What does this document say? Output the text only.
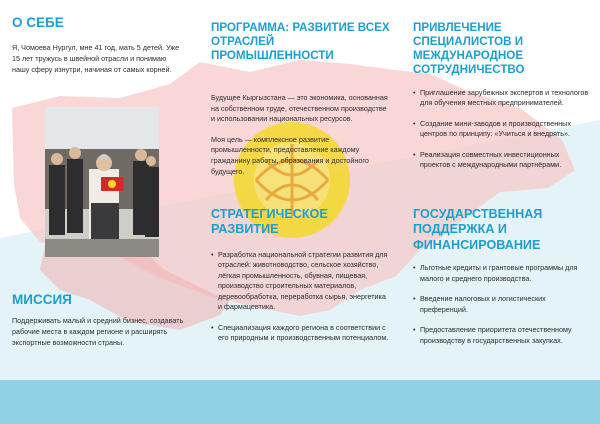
О СЕБЕ

Я, Чомоева Нургул, мне 41 год, мать 5 детей. Уже 15 лет тружусь в швейной отрасли и понимаю нашу сферу изнутри, начиная от самых корней.

МИССИЯ

Поддерживать малый и средний бизнес, создавать рабочие места в каждом регионе и расширять экспортные возможности страны.

ПРОГРАММА: РАЗВИТИЕ ВСЕХ ОТРАСЛЕЙ ПРОМЫШЛЕННОСТИ

Будущее Кыргызстана — это экономика, основанная на собственном труде, отечественном производстве и использовании национальных ресурсов.

Моя цель — комплексное развитие промышленности, предоставление каждому гражданину работы, образования и достойного будущего.

СТРАТЕГИЧЕСКОЕ РАЗВИТИЕ
• Разработка национальной стратегии развития для отраслей: животноводство, сельское хозяйство, лёгкая промышленность, обувная, пищевая, производство строительных материалов, деревообработка, переработка сырья, энергетика и фармацевтика.
• Специализация каждого региона в соответствии с его природным и производственным потенциалом.
ПРИВЛЕЧЕНИЕ СПЕЦИАЛИСТОВ И МЕЖДУНАРОДНОЕ СОТРУДНИЧЕСТВО
• Приглашение зарубежных экспертов и технологов для обучения местных предпринимателей.
• Создание мини-заводов и производственных центров по принципу: «Учиться и внедрять».
• Реализация совместных инвестиционных проектов с международными партнёрами.
ГОСУДАРСТВЕННАЯ ПОДДЕРЖКА И ФИНАНСИРОВАНИЕ
• Льготные кредиты и грантовые программы для малого и среднего производства.
• Введение налоговых и логистических преференций.
• Предоставление приоритета отечественному производству в государственных закупках.
